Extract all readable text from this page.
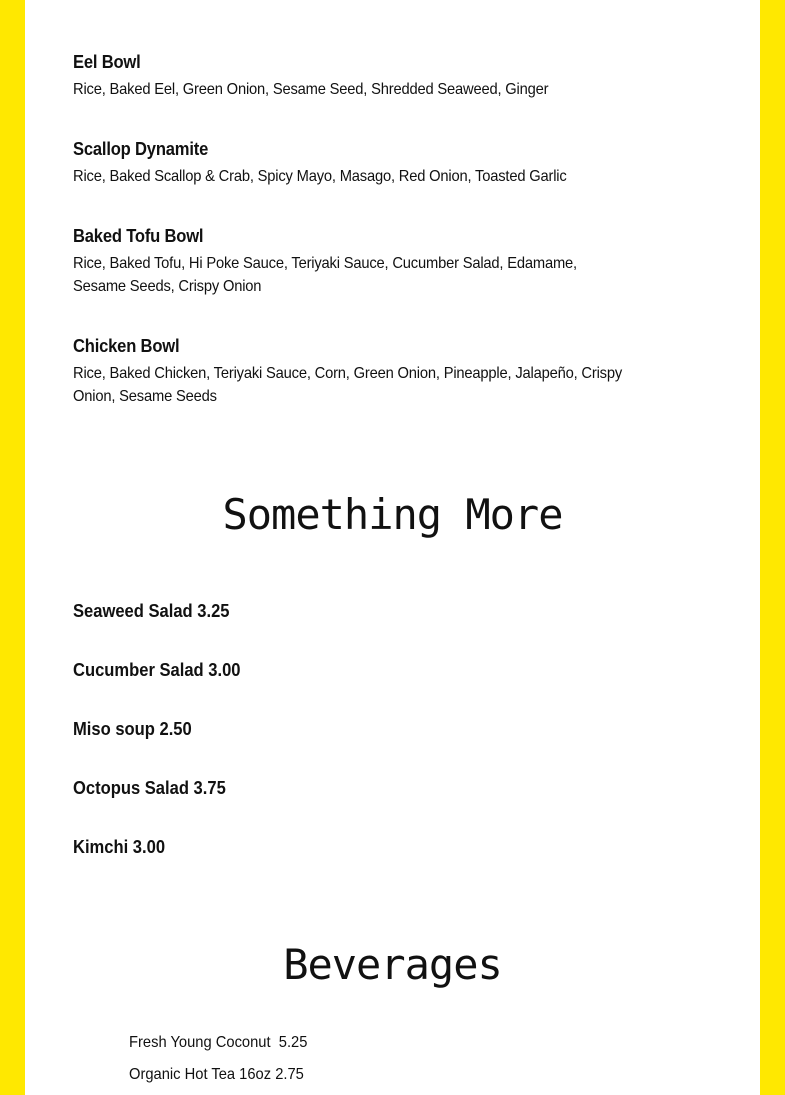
Eel Bowl
Rice, Baked Eel, Green Onion, Sesame Seed, Shredded Seaweed, Ginger
Scallop Dynamite
Rice, Baked Scallop & Crab, Spicy Mayo, Masago, Red Onion, Toasted Garlic
Baked Tofu Bowl
Rice, Baked Tofu, Hi Poke Sauce, Teriyaki Sauce, Cucumber Salad, Edamame, Sesame Seeds, Crispy Onion
Chicken Bowl
Rice, Baked Chicken, Teriyaki Sauce, Corn, Green Onion, Pineapple, Jalapeño, Crispy Onion, Sesame Seeds
Something More
Seaweed Salad 3.25
Cucumber Salad 3.00
Miso soup 2.50
Octopus Salad 3.75
Kimchi 3.00
Beverages
Fresh Young Coconut  5.25
Organic Hot Tea 16oz 2.75
